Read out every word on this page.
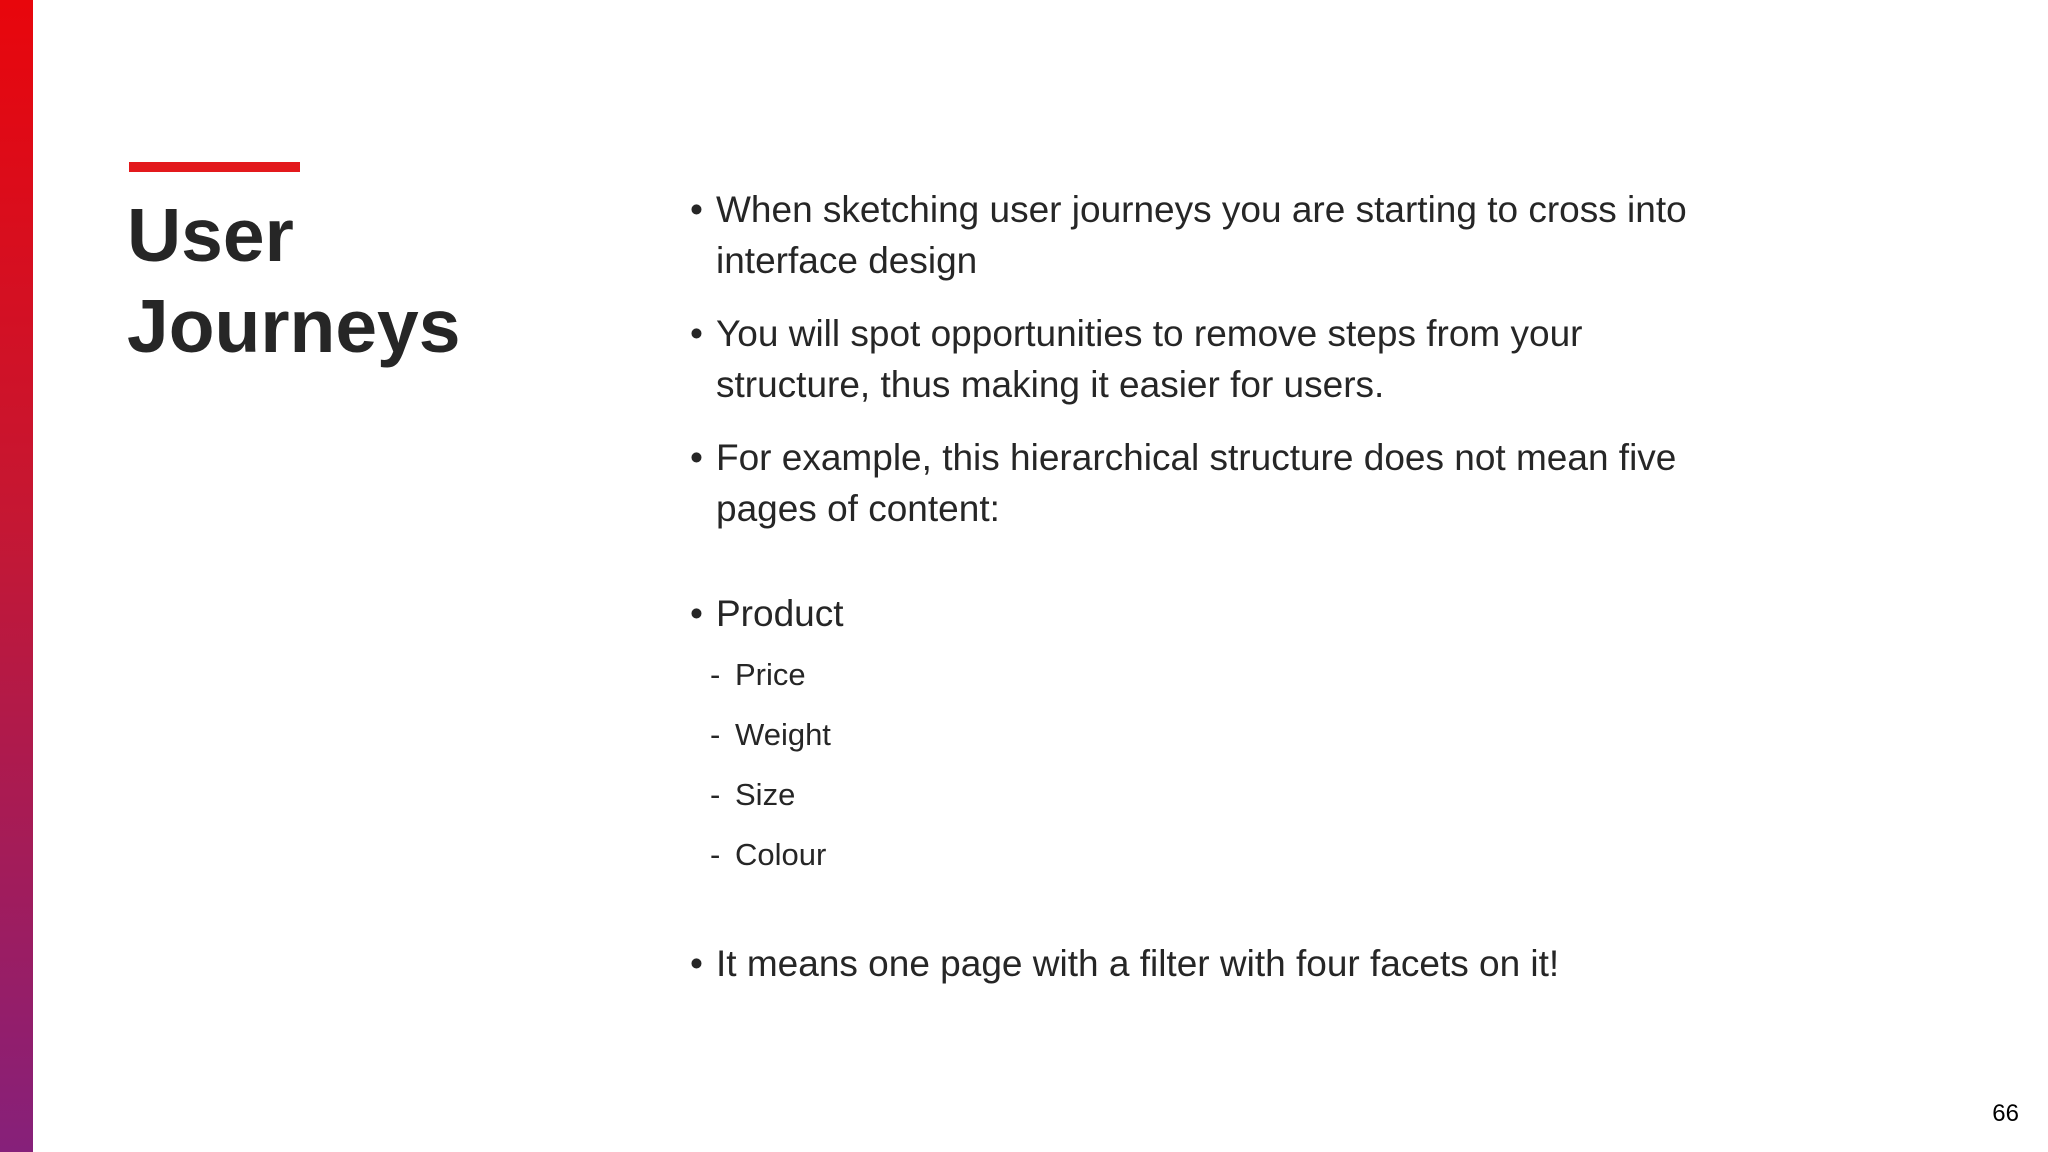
User
Journeys
• When sketching user journeys you are starting to cross into interface design
• You will spot opportunities to remove steps from your structure, thus making it easier for users.
• For example, this hierarchical structure does not mean five pages of content:
• Product
- Price
- Weight
- Size
- Colour
• It means one page with a filter with four facets on it!
66
